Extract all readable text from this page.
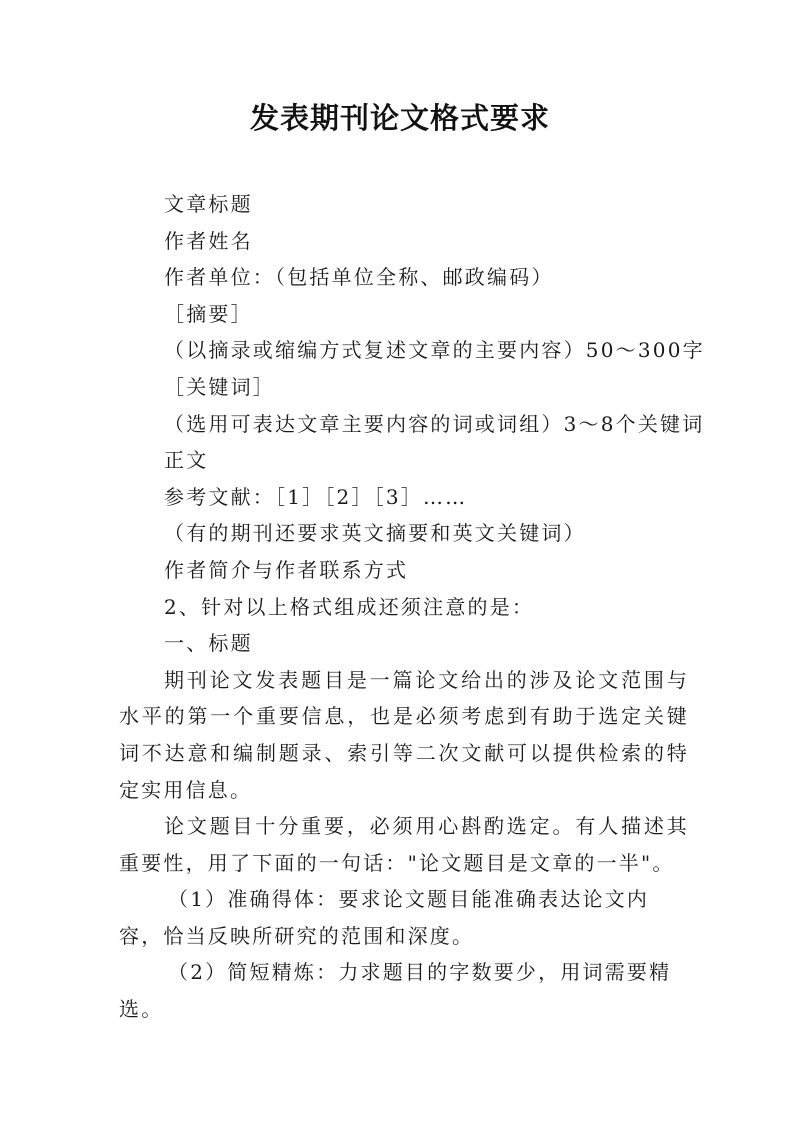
发表期刊论文格式要求

文章标题

作者姓名

作者单位：（包括单位全称、邮政编码）

［摘要］

（以摘录或缩编方式复述文章的主要内容）50～300字

［关键词］

（选用可表达文章主要内容的词或词组）3～8个关键词

正文

参考文献：［1］［2］［3］……

（有的期刊还要求英文摘要和英文关键词）

作者简介与作者联系方式

2、针对以上格式组成还须注意的是：

一、标题

期刊论文发表题目是一篇论文给出的涉及论文范围与水平的第一个重要信息，也是必须考虑到有助于选定关键词不达意和编制题录、索引等二次文献可以提供检索的特定实用信息。

论文题目十分重要，必须用心斟酌选定。有人描述其重要性，用了下面的一句话："论文题目是文章的一半"。

（1）准确得体：要求论文题目能准确表达论文内容，恰当反映所研究的范围和深度。

（2）简短精炼：力求题目的字数要少，用词需要精选。
